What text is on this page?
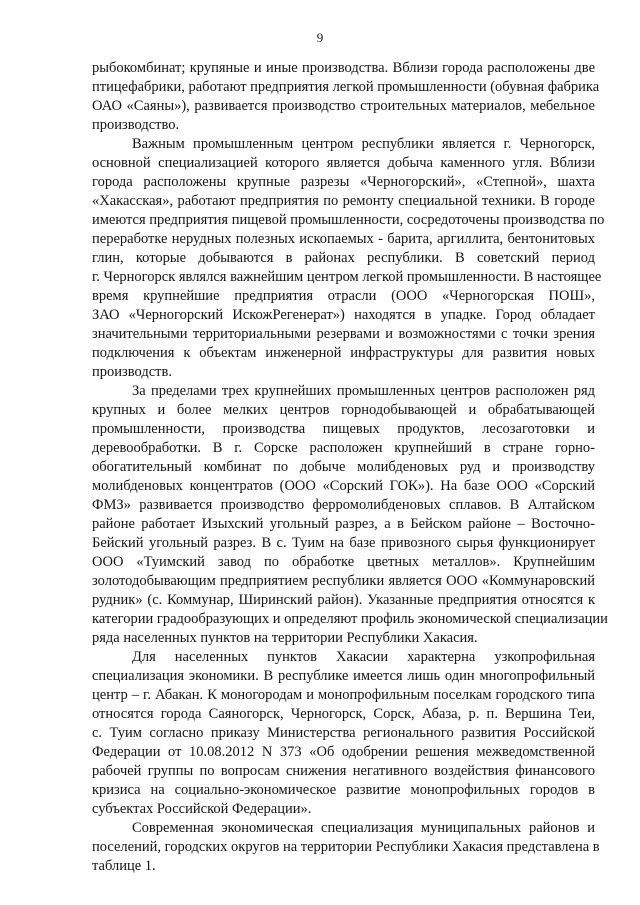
9
рыбокомбинат; крупяные и иные производства. Вблизи города расположены две
птицефабрики, работают предприятия легкой промышленности (обувная фабрика
ОАО «Саяны»), развивается производство строительных материалов, мебельное
производство.
Важным промышленным центром республики является г. Черногорск,
основной специализацией которого является добыча каменного угля. Вблизи
города расположены крупные разрезы «Черногорский», «Степной», шахта
«Хакасская», работают предприятия по ремонту специальной техники. В городе
имеются предприятия пищевой промышленности, сосредоточены производства по
переработке нерудных полезных ископаемых - барита, аргиллита, бентонитовых
глин, которые добываются в районах республики. В советский период
г. Черногорск являлся важнейшим центром легкой промышленности. В настоящее
время крупнейшие предприятия отрасли (ООО «Черногорская ПОШ»,
ЗАО «Черногорский ИскожРегенерат») находятся в упадке. Город обладает
значительными территориальными резервами и возможностями с точки зрения
подключения к объектам инженерной инфраструктуры для развития новых
производств.
За пределами трех крупнейших промышленных центров расположен ряд
крупных и более мелких центров горнодобывающей и обрабатывающей
промышленности, производства пищевых продуктов, лесозаготовки и
деревообработки. В г. Сорске расположен крупнейший в стране горно-
обогатительный комбинат по добыче молибденовых руд и производству
молибденовых концентратов (ООО «Сорский ГОК»). На базе ООО «Сорский
ФМЗ» развивается производство ферромолибденовых сплавов. В Алтайском
районе работает Изыхский угольный разрез, а в Бейском районе – Восточно-
Бейский угольный разрез. В с. Туим на базе привозного сырья функционирует
ООО «Туимский завод по обработке цветных металлов». Крупнейшим
золотодобывающим предприятием республики является ООО «Коммунаровский
рудник» (с. Коммунар, Ширинский район). Указанные предприятия относятся к
категории градообразующих и определяют профиль экономической специализации
ряда населенных пунктов на территории Республики Хакасия.
Для населенных пунктов Хакасии характерна узкопрофильная
специализация экономики. В республике имеется лишь один многопрофильный
центр – г. Абакан. К моногородам и монопрофильным поселкам городского типа
относятся города Саяногорск, Черногорск, Сорск, Абаза, р. п. Вершина Теи,
с. Туим согласно приказу Министерства регионального развития Российской
Федерации от 10.08.2012 N 373 «Об одобрении решения межведомственной
рабочей группы по вопросам снижения негативного воздействия финансового
кризиса на социально-экономическое развитие монопрофильных городов в
субъектах Российской Федерации».
Современная экономическая специализация муниципальных районов и
поселений, городских округов на территории Республики Хакасия представлена в
таблице 1.
